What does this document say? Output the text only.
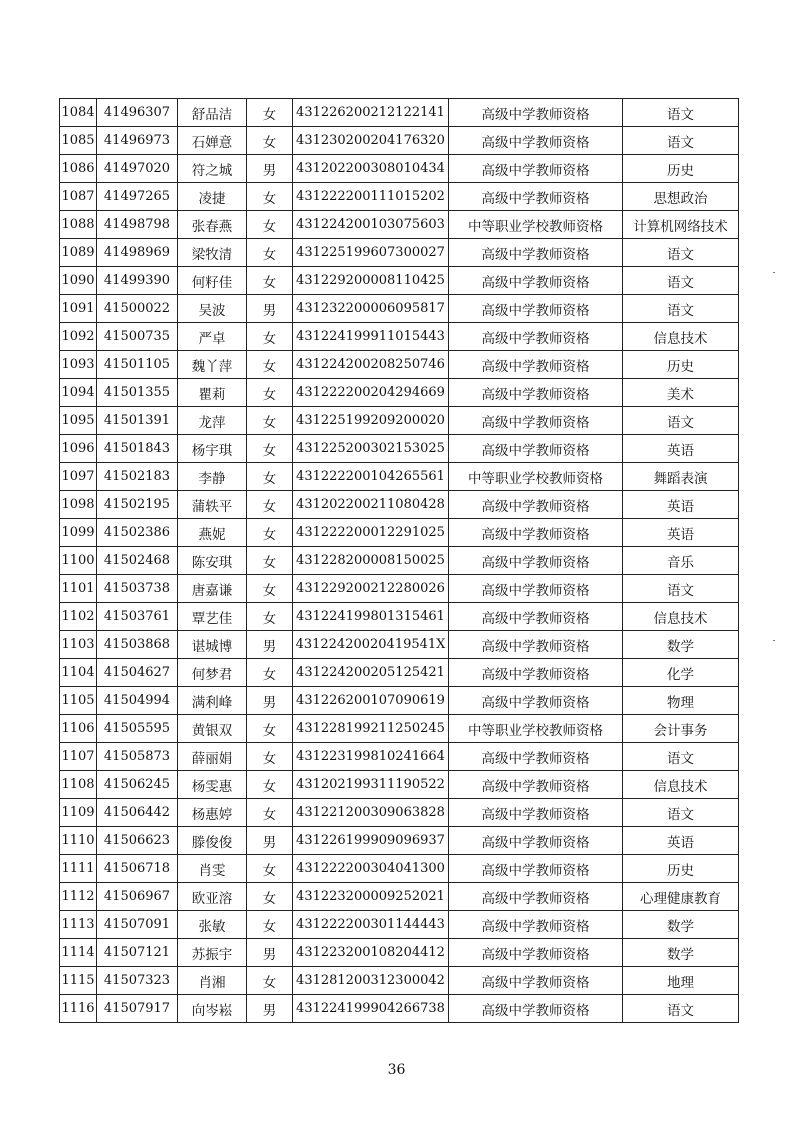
1084	41496307	舒品洁	女	431226200212122141	高级中学教师资格	语文
1085	41496973	石婵意	女	431230200204176320	高级中学教师资格	语文
1086	41497020	符之城	男	431202200308010434	高级中学教师资格	历史
1087	41497265	凌捷	女	431222200111015202	高级中学教师资格	思想政治
1088	41498798	张春燕	女	431224200103075603	中等职业学校教师资格	计算机网络技术
1089	41498969	梁牧清	女	431225199607300027	高级中学教师资格	语文
1090	41499390	何籽佳	女	431229200008110425	高级中学教师资格	语文
1091	41500022	吴波	男	431232200006095817	高级中学教师资格	语文
1092	41500735	严卓	女	431224199911015443	高级中学教师资格	信息技术
1093	41501105	魏丫萍	女	431224200208250746	高级中学教师资格	历史
1094	41501355	瞿莉	女	431222200204294669	高级中学教师资格	美术
1095	41501391	龙萍	女	431225199209200020	高级中学教师资格	语文
1096	41501843	杨宇琪	女	431225200302153025	高级中学教师资格	英语
1097	41502183	李静	女	431222200104265561	中等职业学校教师资格	舞蹈表演
1098	41502195	蒲轶平	女	431202200211080428	高级中学教师资格	英语
1099	41502386	燕妮	女	431222200012291025	高级中学教师资格	英语
1100	41502468	陈安琪	女	431228200008150025	高级中学教师资格	音乐
1101	41503738	唐嘉谦	女	431229200212280026	高级中学教师资格	语文
1102	41503761	覃艺佳	女	431224199801315461	高级中学教师资格	信息技术
1103	41503868	谌城博	男	43122420020419541X	高级中学教师资格	数学
1104	41504627	何梦君	女	431224200205125421	高级中学教师资格	化学
1105	41504994	满利峰	男	431226200107090619	高级中学教师资格	物理
1106	41505595	黄银双	女	431228199211250245	中等职业学校教师资格	会计事务
1107	41505873	薛丽娟	女	431223199810241664	高级中学教师资格	语文
1108	41506245	杨雯惠	女	431202199311190522	高级中学教师资格	信息技术
1109	41506442	杨惠婷	女	431221200309063828	高级中学教师资格	语文
1110	41506623	滕俊俊	男	431226199909096937	高级中学教师资格	英语
1111	41506718	肖雯	女	431222200304041300	高级中学教师资格	历史
1112	41506967	欧亚溶	女	431223200009252021	高级中学教师资格	心理健康教育
1113	41507091	张敏	女	431222200301144443	高级中学教师资格	数学
1114	41507121	苏振宇	男	431223200108204412	高级中学教师资格	数学
1115	41507323	肖湘	女	431281200312300042	高级中学教师资格	地理
1116	41507917	向岑崧	男	431224199904266738	高级中学教师资格	语文
36
